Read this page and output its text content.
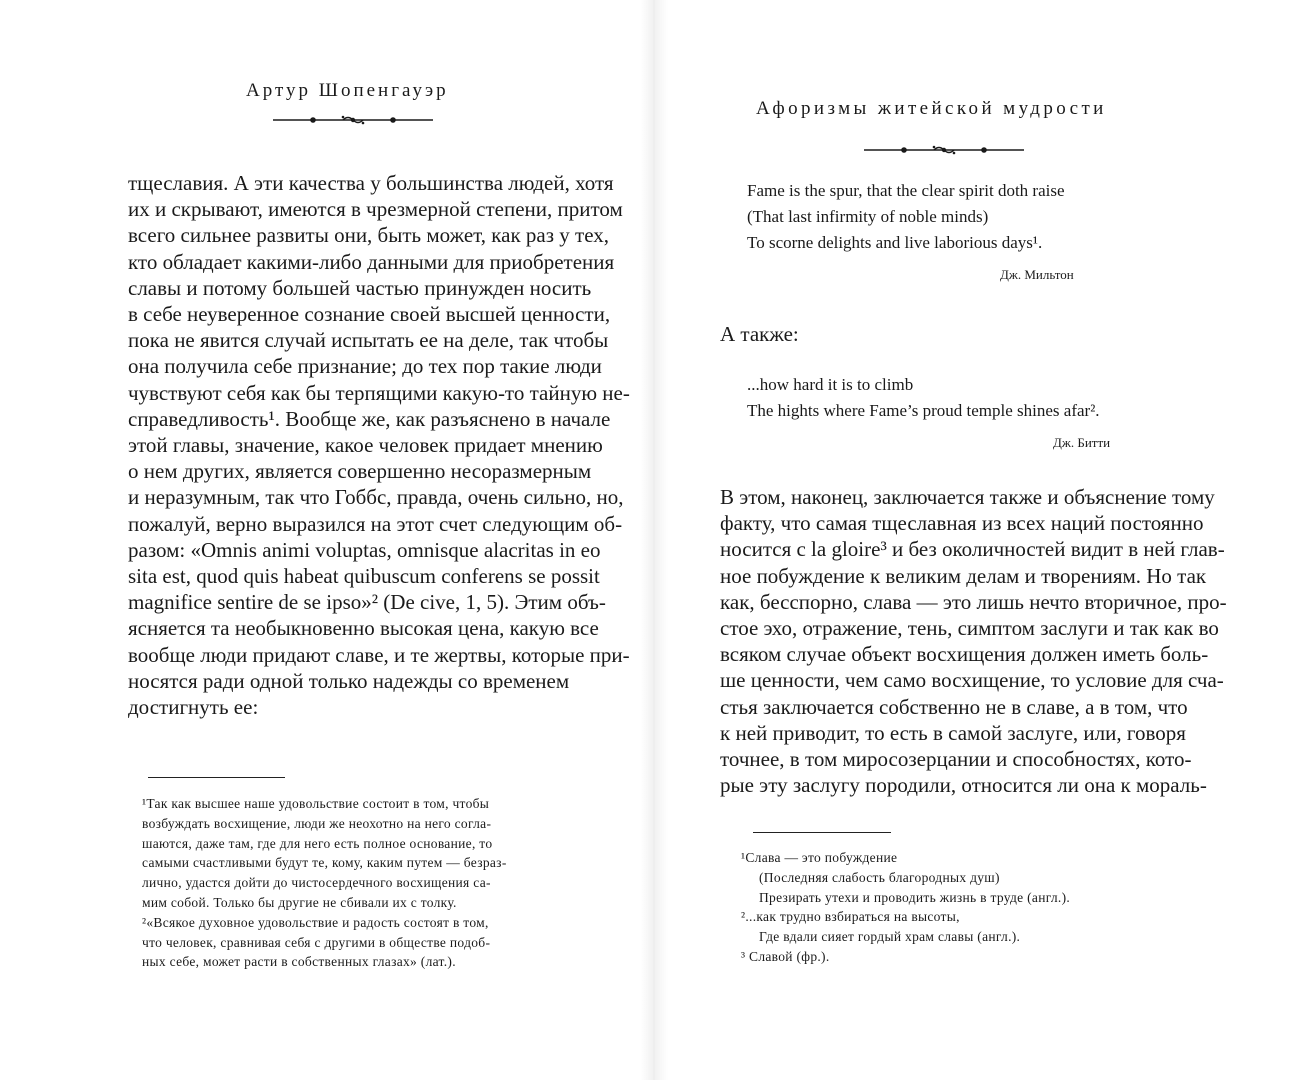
Артур Шопенгауэр
тщеславия. А эти качества у большинства людей, хотя
их и скрывают, имеются в чрезмерной степени, притом
всего сильнее развиты они, быть может, как раз у тех,
кто обладает какими-либо данными для приобретения
славы и потому большей частью принужден носить
в себе неуверенное сознание своей высшей ценности,
пока не явится случай испытать ее на деле, так чтобы
она получила себе признание; до тех пор такие люди
чувствуют себя как бы терпящими какую-то тайную не-
справедливость¹. Вообще же, как разъяснено в начале
этой главы, значение, какое человек придает мнению
о нем других, является совершенно несоразмерным
и неразумным, так что Гоббс, правда, очень сильно, но,
пожалуй, верно выразился на этот счет следующим об-
разом: «Omnis animi voluptas, omnisque alacritas in eo
sita est, quod quis habeat quibuscum conferens se possit
magnifice sentire de se ipso»² (De cive, 1, 5). Этим объ-
ясняется та необыкновенно высокая цена, какую все
вообще люди придают славе, и те жертвы, которые при-
носятся ради одной только надежды со временем
достигнуть ее:
¹Так как высшее наше удовольствие состоит в том, чтобы
возбуждать восхищение, люди же неохотно на него согла-
шаются, даже там, где для него есть полное основание, то
самыми счастливыми будут те, кому, каким путем — безраз-
лично, удастся дойти до чистосердечного восхищения са-
мим собой. Только бы другие не сбивали их с толку.
²«Всякое духовное удовольствие и радость состоят в том,
что человек, сравнивая себя с другими в обществе подоб-
ных себе, может расти в собственных глазах» (лат.).
Афоризмы житейской мудрости
Fame is the spur, that the clear spirit doth raise
(That last infirmity of noble minds)
To scorne delights and live laborious days¹.
Дж. Мильтон
А также:
...how hard it is to climb
The hights where Fame’s proud temple shines afar².
Дж. Битти
В этом, наконец, заключается также и объяснение тому
факту, что самая тщеславная из всех наций постоянно
носится с la gloire³ и без околичностей видит в ней глав-
ное побуждение к великим делам и творениям. Но так
как, бесспорно, слава — это лишь нечто вторичное, про-
стое эхо, отражение, тень, симптом заслуги и так как во
всяком случае объект восхищения должен иметь боль-
ше ценности, чем само восхищение, то условие для сча-
стья заключается собственно не в славе, а в том, что
к ней приводит, то есть в самой заслуге, или, говоря
точнее, в том миросозерцании и способностях, кото-
рые эту заслугу породили, относится ли она к мораль-
¹Слава — это побуждение
(Последняя слабость благородных душ)
Презирать утехи и проводить жизнь в труде (англ.).
²...как трудно взбираться на высоты,
Где вдали сияет гордый храм славы (англ.).
³ Славой (фр.).
